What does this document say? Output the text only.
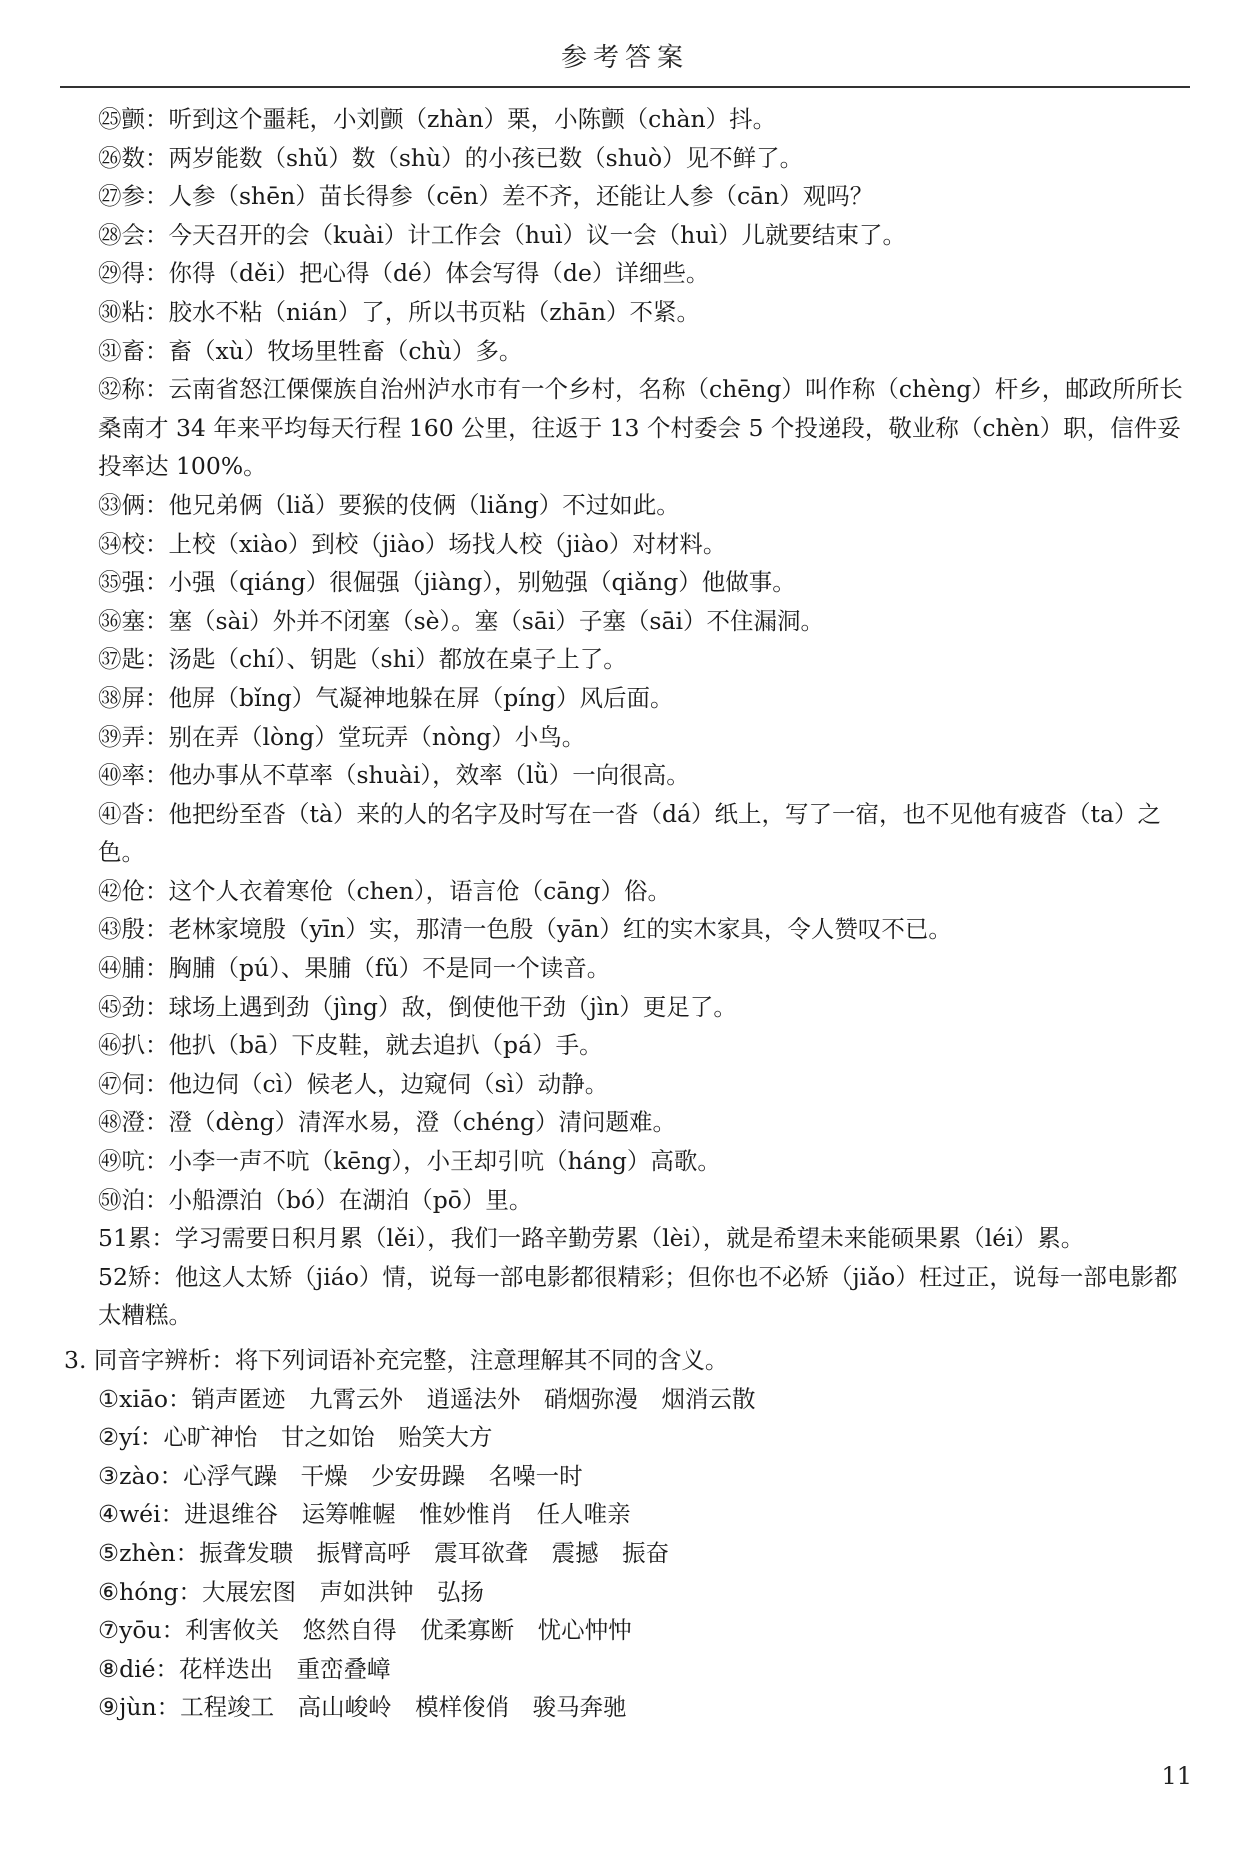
参考答案
㉕颤：听到这个噩耗，小刘颤（zhàn）栗，小陈颤（chàn）抖。
㉖数：两岁能数（shǔ）数（shù）的小孩已数（shuò）见不鲜了。
㉗参：人参（shēn）苗长得参（cēn）差不齐，还能让人参（cān）观吗？
㉘会：今天召开的会（kuài）计工作会（huì）议一会（huì）儿就要结束了。
㉙得：你得（děi）把心得（dé）体会写得（de）详细些。
㉚粘：胶水不粘（nián）了，所以书页粘（zhān）不紧。
㉛畜：畜（xù）牧场里牲畜（chù）多。
㉜称：云南省怒江傈僳族自治州泸水市有一个乡村，名称（chēng）叫作称（chèng）杆乡，邮政所所长桑南才 34 年来平均每天行程 160 公里，往返于 13 个村委会 5 个投递段，敬业称（chèn）职，信件妥投率达 100%。
㉝俩：他兄弟俩（liǎ）要猴的伎俩（liǎng）不过如此。
㉞校：上校（xiào）到校（jiào）场找人校（jiào）对材料。
㉟强：小强（qiáng）很倔强（jiàng），别勉强（qiǎng）他做事。
㊱塞：塞（sài）外并不闭塞（sè）。塞（sāi）子塞（sāi）不住漏洞。
㊲匙：汤匙（chí）、钥匙（shi）都放在桌子上了。
㊳屏：他屏（bǐng）气凝神地躲在屏（píng）风后面。
㊴弄：别在弄（lòng）堂玩弄（nòng）小鸟。
㊵率：他办事从不草率（shuài），效率（lǜ）一向很高。
㊶沓：他把纷至沓（tà）来的人的名字及时写在一沓（dá）纸上，写了一宿，也不见他有疲沓（ta）之色。
㊷伧：这个人衣着寒伧（chen），语言伧（cāng）俗。
㊸殷：老林家境殷（yīn）实，那清一色殷（yān）红的实木家具，令人赞叹不已。
㊹脯：胸脯（pú）、果脯（fǔ）不是同一个读音。
㊺劲：球场上遇到劲（jìng）敌，倒使他干劲（jìn）更足了。
㊻扒：他扒（bā）下皮鞋，就去追扒（pá）手。
㊼伺：他边伺（cì）候老人，边窥伺（sì）动静。
㊽澄：澄（dèng）清浑水易，澄（chéng）清问题难。
㊾吭：小李一声不吭（kēng），小王却引吭（háng）高歌。
㊿泊：小船漂泊（bó）在湖泊（pō）里。
51累：学习需要日积月累（lěi），我们一路辛勤劳累（lèi），就是希望未来能硕果累（léi）累。
52矫：他这人太矫（jiáo）情，说每一部电影都很精彩；但你也不必矫（jiǎo）枉过正，说每一部电影都太糟糕。
3. 同音字辨析：将下列词语补充完整，注意理解其不同的含义。
①xiāo：销声匿迹　九霄云外　逍遥法外　硝烟弥漫　烟消云散
②yí：心旷神怡　甘之如饴　贻笑大方
③zào：心浮气躁　干燥　少安毋躁　名噪一时
④wéi：进退维谷　运筹帷幄　惟妙惟肖　任人唯亲
⑤zhèn：振聋发聩　振臂高呼　震耳欲聋　震撼　振奋
⑥hóng：大展宏图　声如洪钟　弘扬
⑦yōu：利害攸关　悠然自得　优柔寡断　忧心忡忡
⑧dié：花样迭出　重峦叠嶂
⑨jùn：工程竣工　高山峻岭　模样俊俏　骏马奔驰
11
